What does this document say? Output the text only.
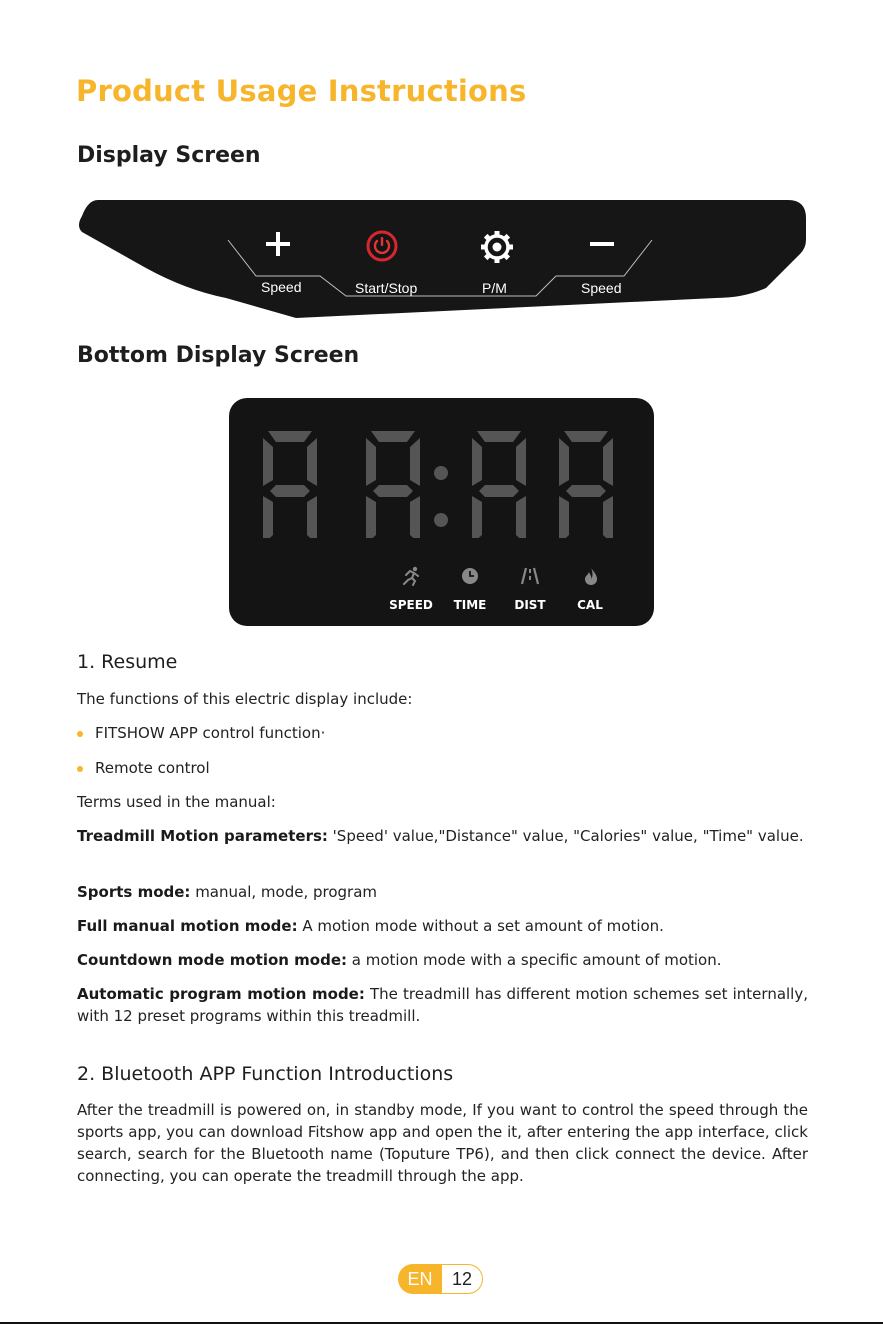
Product Usage Instructions
Display Screen
Speed	Start/Stop	P/M	Speed
Bottom Display Screen
SPEED	TIME	DIST	CAL
1. Resume

The functions of this electric display include:

FITSHOW APP control function·
Remote control

Terms used in the manual:

Treadmill Motion parameters: 'Speed' value,"Distance" value, "Calories" value, "Time" value.

Sports mode: manual, mode, program

Full manual motion mode: A motion mode without a set amount of motion.

Countdown mode motion mode: a motion mode with a specific amount of motion.

Automatic program motion mode: The treadmill has different motion schemes set internally, with 12 preset programs within this treadmill.

2. Bluetooth APP Function Introductions

After the treadmill is powered on, in standby mode, If you want to control the speed through the sports app, you can download Fitshow app and open the it, after entering the app interface, click search, search for the Bluetooth name (Toputure TP6), and then click connect the device. After connecting, you can operate the treadmill through the app.

EN	12
